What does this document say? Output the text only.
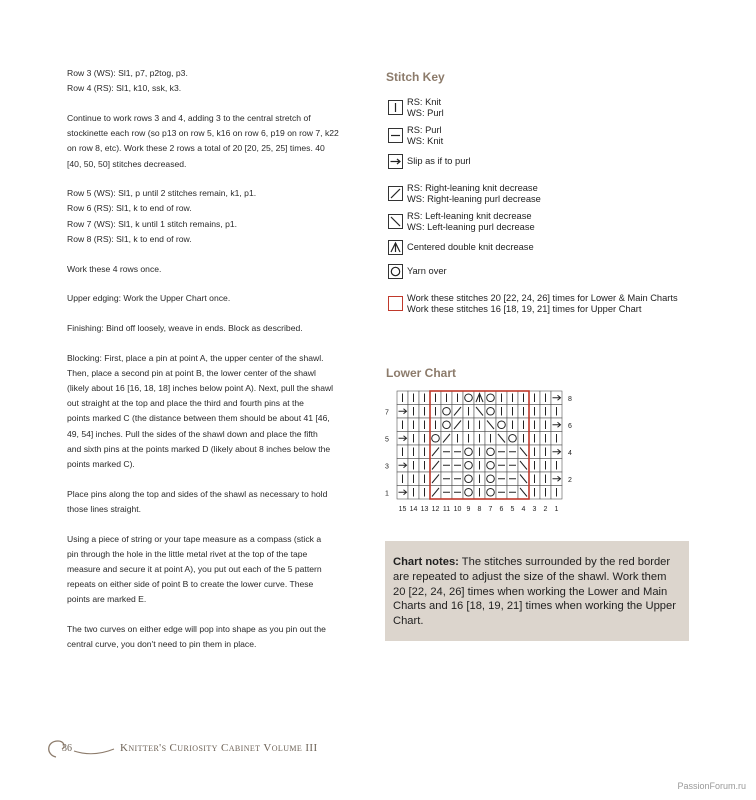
Row 3 (WS): Sl1, p7, p2tog, p3.

Row 4 (RS): Sl1, k10, ssk, k3.

Continue to work rows 3 and 4, adding 3 to the central stretch of

stockinette each row (so p13 on row 5, k16 on row 6, p19 on row 7, k22

on row 8, etc). Work these 2 rows a total of 20 [20, 25, 25] times. 40

[40, 50, 50] stitches decreased.

Row 5 (WS): Sl1, p until 2 stitches remain, k1, p1.

Row 6 (RS): Sl1, k to end of row.

Row 7 (WS): Sl1, k until 1 stitch remains, p1.

Row 8 (RS): Sl1, k to end of row.

Work these 4 rows once.

Upper edging: Work the Upper Chart once.

Finishing: Bind off loosely, weave in ends. Block as described.

Blocking: First, place a pin at point A, the upper center of the shawl.

Then, place a second pin at point B, the lower center of the shawl

(likely about 16 [16, 18, 18] inches below point A). Next, pull the shawl

out straight at the top and place the third and fourth pins at the

points marked C (the distance between them should be about 41 [46,

49, 54] inches. Pull the sides of the shawl down and place the fifth

and sixth pins at the points marked D (likely about 8 inches below the

points marked C).

Place pins along the top and sides of the shawl as necessary to hold

those lines straight.

Using a piece of string or your tape measure as a compass (stick a

pin through the hole in the little metal rivet at the top of the tape

measure and secure it at point A), you put out each of the 5 pattern

repeats on either side of point B to create the lower curve. These

points are marked E.

The two curves on either edge will pop into shape as you pin out the

central curve, you don't need to pin them in place.

Stitch Key
RS: Knit
WS: Purl
RS: Purl
WS: Knit
Slip as if to purl
RS: Right-leaning knit decrease
WS: Right-leaning purl decrease
RS: Left-leaning knit decrease
WS: Left-leaning purl decrease
Centered double knit decrease
Yarn over
Work these stitches 20 [22, 24, 26] times for Lower & Main Charts
Work these stitches 16 [18, 19, 21] times for Upper Chart
Lower Chart
8
7
6
5
4
3
2
1
15 14 13 12 11 10 9 8 7 6 5 4 3 2 1
Chart notes: The stitches surrounded by the red border are repeated to adjust the size of the shawl. Work them 20 [22, 24, 26] times when working the Lower and Main Charts and 16 [18, 19, 21] times when working the Upper Chart.
36	Knitter's Curiosity Cabinet Volume III
PassionForum.ru
